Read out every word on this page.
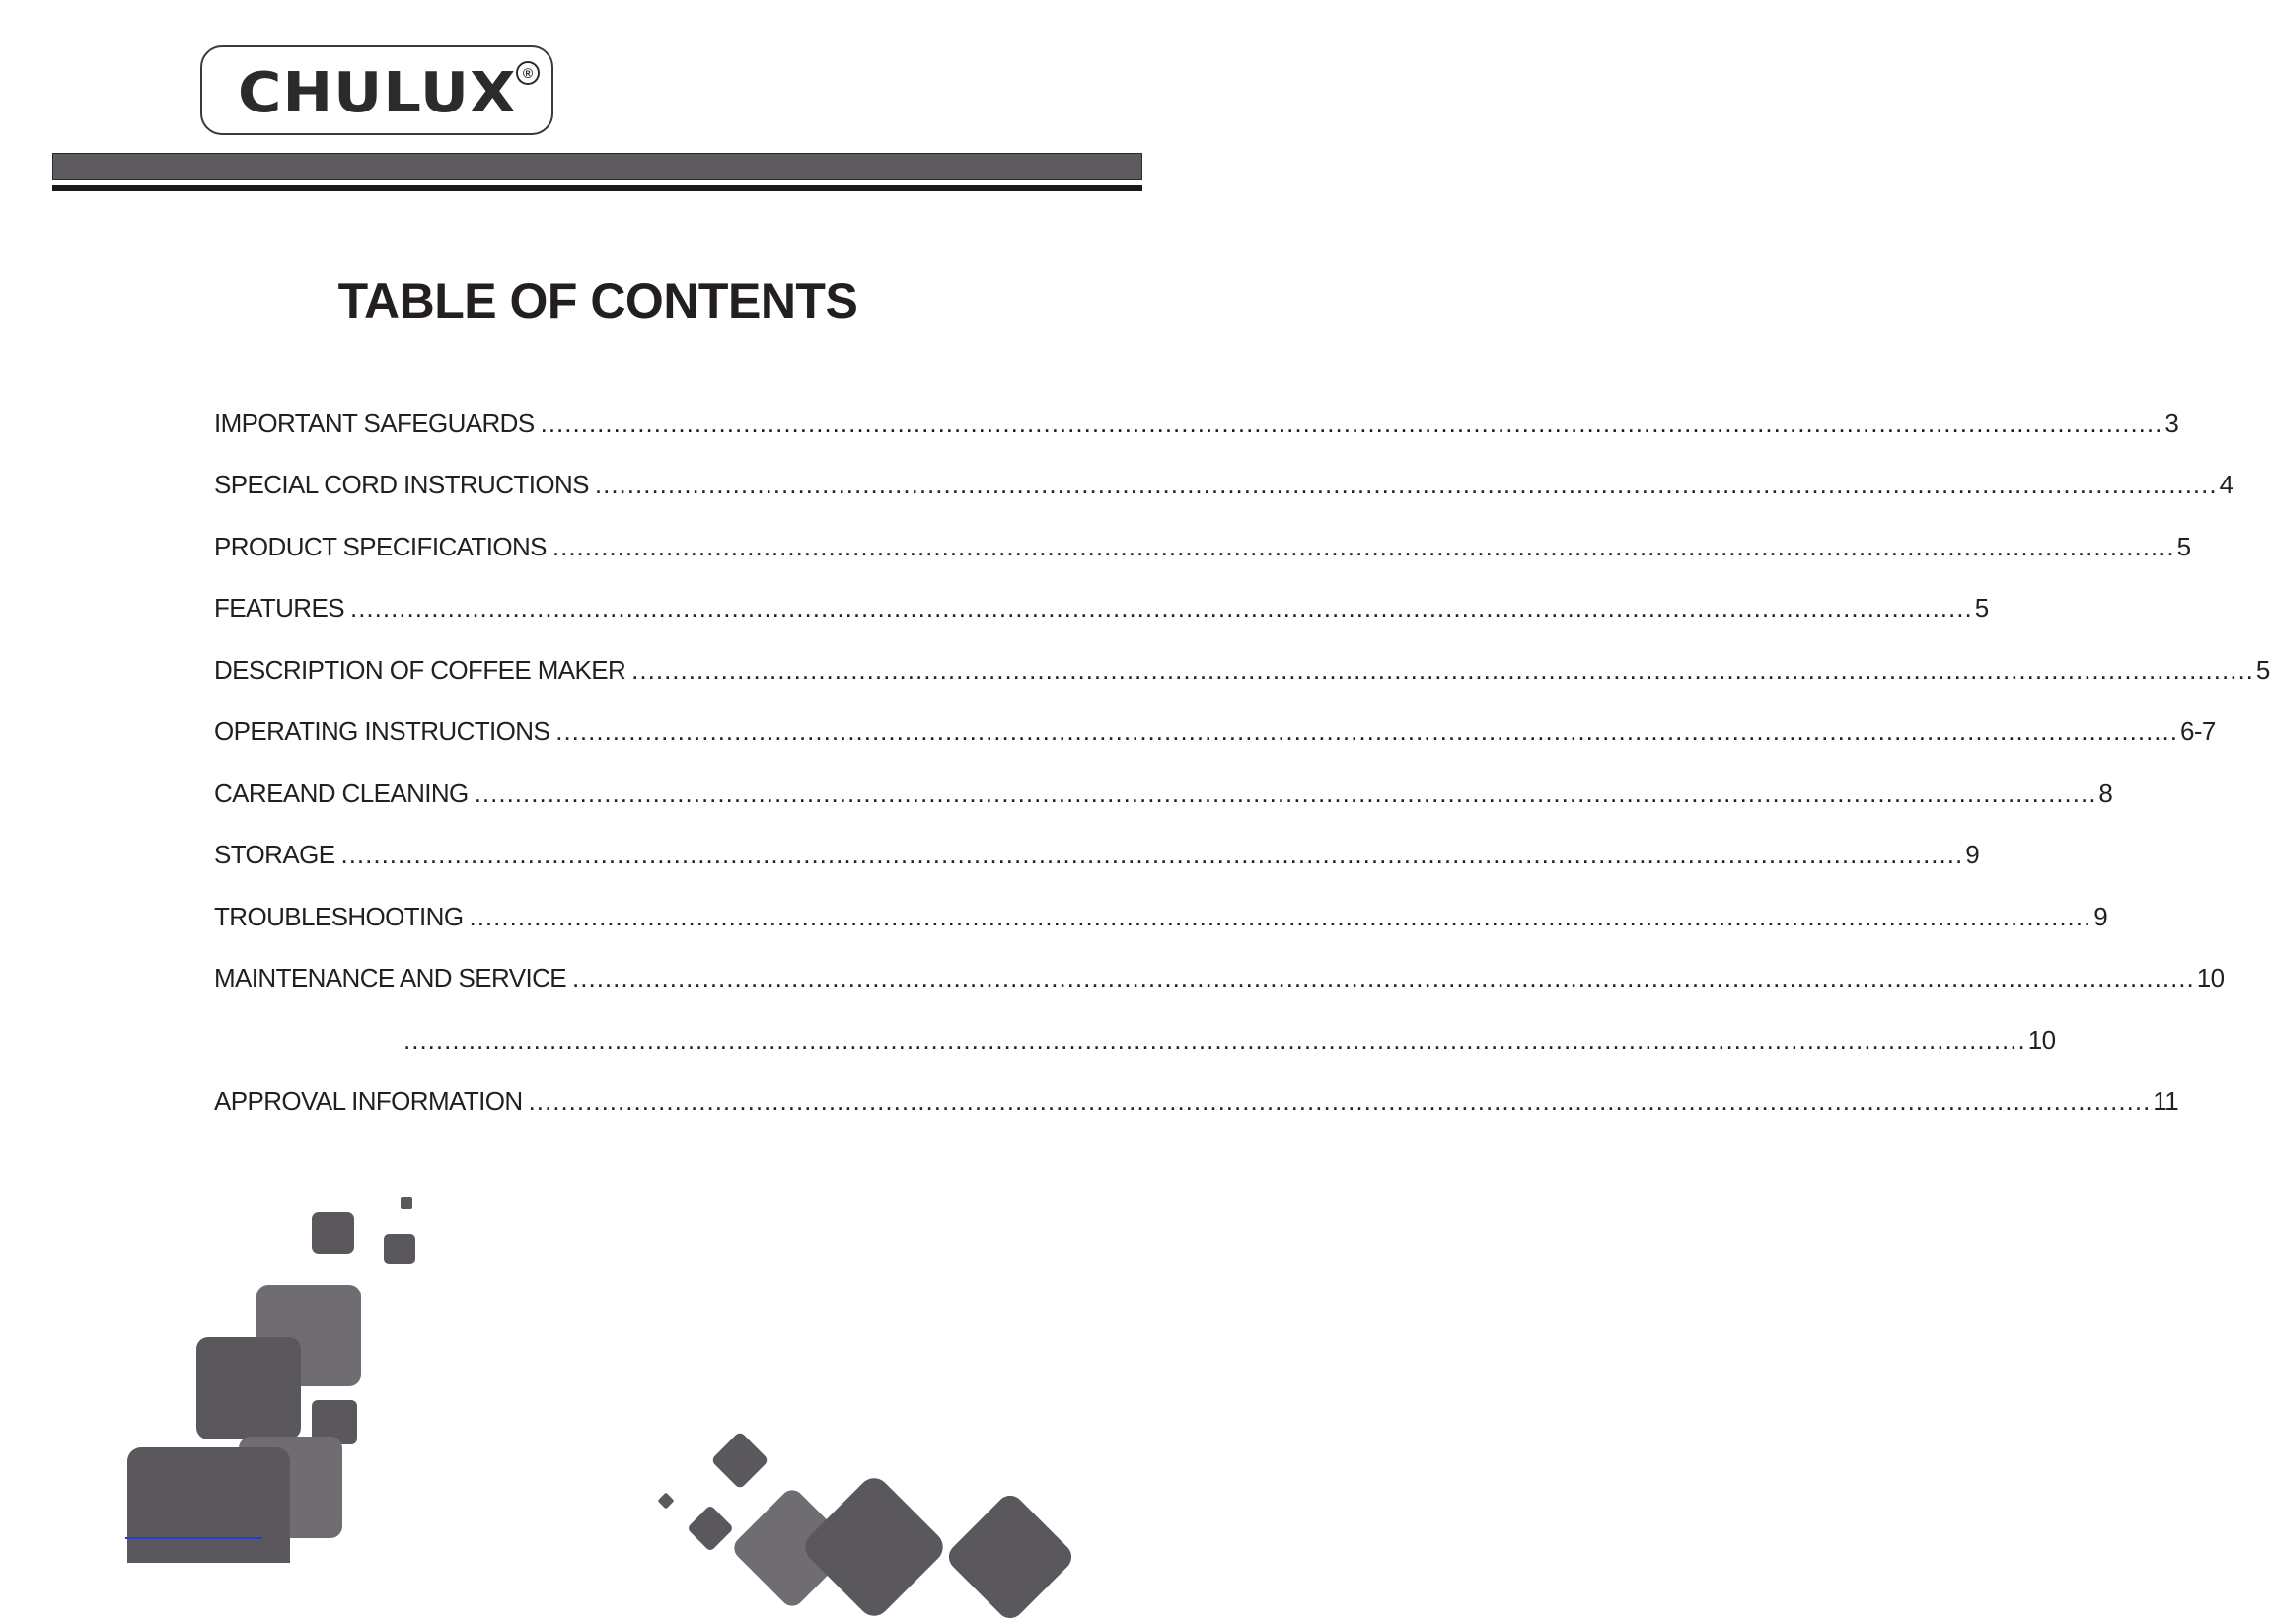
CHULUX ®
TABLE OF CONTENTS
IMPORTANT SAFEGUARDS ........................................................................................................................................................................................................ 3
SPECIAL CORD INSTRUCTIONS ........................................................................................................................................................................................................ 4
PRODUCT SPECIFICATIONS ........................................................................................................................................................................................................ 5
FEATURES ........................................................................................................................................................................................................ 5
DESCRIPTION OF COFFEE MAKER ........................................................................................................................................................................................................ 5
OPERATING INSTRUCTIONS ........................................................................................................................................................................................................ 6-7
CAREAND CLEANING ........................................................................................................................................................................................................ 8
STORAGE ........................................................................................................................................................................................................ 9
TROUBLESHOOTING ........................................................................................................................................................................................................ 9
MAINTENANCE AND SERVICE ........................................................................................................................................................................................................ 10
........................................................................................................................................................................................................ 10
APPROVAL INFORMATION ........................................................................................................................................................................................................ 11
